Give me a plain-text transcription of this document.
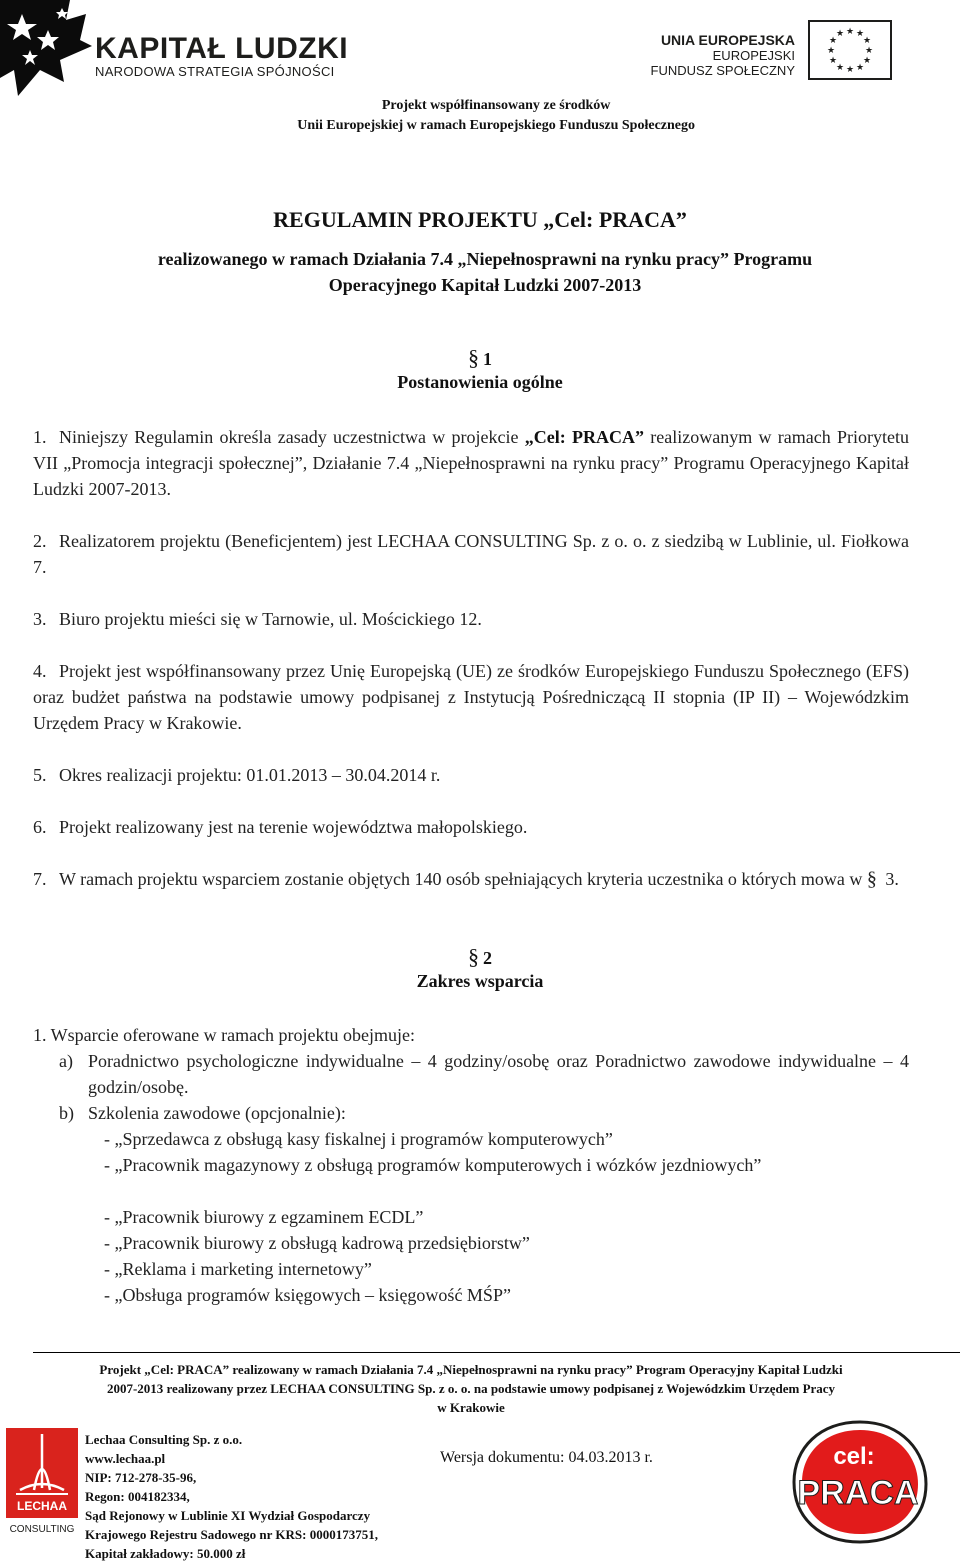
KAPITAŁ LUDZKI
NARODOWA STRATEGIA SPÓJNOŚCI
UNIA EUROPEJSKA
EUROPEJSKI
FUNDUSZ SPOŁECZNY
★ ★
★
★
★
★
★
★
★
★
★
★
Projekt współfinansowany ze środków
Unii Europejskiej w ramach Europejskiego Funduszu Społecznego
REGULAMIN PROJEKTU „Cel: PRACA”
realizowanego w ramach Działania 7.4 „Niepełnosprawni na rynku pracy” Programu
Operacyjnego Kapitał Ludzki 2007-2013
§ 1
Postanowienia ogólne
1. Niniejszy Regulamin określa zasady uczestnictwa w projekcie „Cel: PRACA” realizowanym w ramach Priorytetu VII „Promocja integracji społecznej”, Działanie 7.4 „Niepełnosprawni na rynku pracy” Programu Operacyjnego Kapitał Ludzki 2007-2013.
2. Realizatorem projektu (Beneficjentem) jest LECHAA CONSULTING Sp. z o. o. z siedzibą w Lublinie, ul. Fiołkowa 7.
3. Biuro projektu mieści się w Tarnowie, ul. Mościckiego 12.
4. Projekt jest współfinansowany przez Unię Europejską (UE) ze środków Europejskiego Funduszu Społecznego (EFS) oraz budżet państwa na podstawie umowy podpisanej z Instytucją Pośredniczącą II stopnia (IP II) – Wojewódzkim Urzędem Pracy w Krakowie.
5. Okres realizacji projektu: 01.01.2013 – 30.04.2014 r.
6. Projekt realizowany jest na terenie województwa małopolskiego.
7. W ramach projektu wsparciem zostanie objętych 140 osób spełniających kryteria uczestnika o których mowa w § 3.
§ 2
Zakres wsparcia
1. Wsparcie oferowane w ramach projektu obejmuje:
a) Poradnictwo psychologiczne indywidualne – 4 godziny/osobę oraz Poradnictwo zawodowe indywidualne – 4 godzin/osobę.
b) Szkolenia zawodowe (opcjonalnie):
- „Sprzedawca z obsługą kasy fiskalnej i programów komputerowych”
- „Pracownik magazynowy z obsługą programów komputerowych i wózków jezdniowych”
- „Pracownik biurowy z egzaminem ECDL”
- „Pracownik biurowy z obsługą kadrową przedsiębiorstw”
- „Reklama i marketing internetowy”
- „Obsługa programów księgowych – księgowość MŚP”
Projekt „Cel: PRACA” realizowany w ramach Działania 7.4 „Niepełnosprawni na rynku pracy” Program Operacyjny Kapitał Ludzki
2007-2013 realizowany przez LECHAA CONSULTING Sp. z o. o. na podstawie umowy podpisanej z Wojewódzkim Urzędem Pracy
w Krakowie
LECHAA
CONSULTING
Lechaa Consulting Sp. z o.o.
www.lechaa.pl
NIP: 712-278-35-96,
Regon: 004182334,
Sąd Rejonowy w Lublinie XI Wydział Gospodarczy
Krajowego Rejestru Sadowego nr KRS: 0000173751,
Kapitał zakładowy: 50.000 zł
Wersja dokumentu: 04.03.2013 r.	cel:
PRACA
